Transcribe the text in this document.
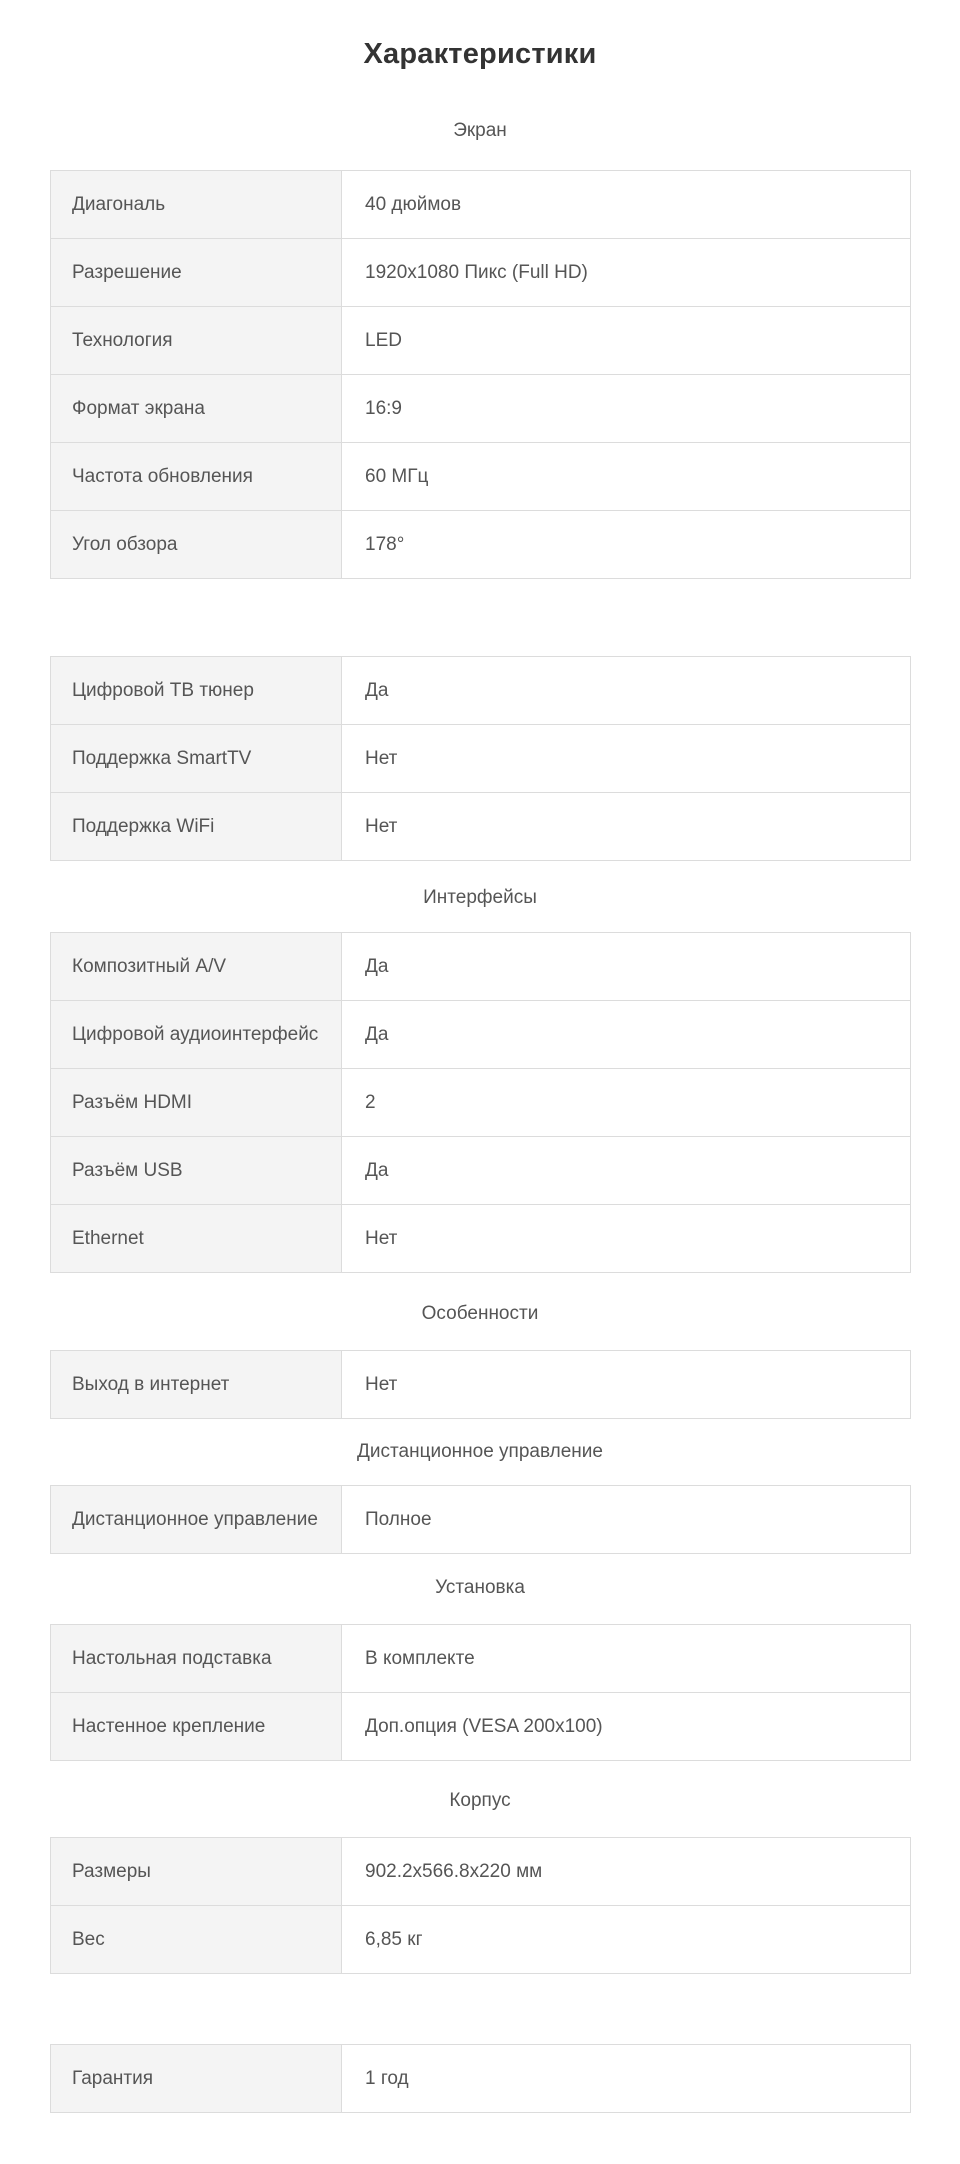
Характеристики
Экран
Диагональ	40 дюймов
Разрешение	1920x1080 Пикс (Full HD)
Технология	LED
Формат экрана	16:9
Частота обновления	60 МГц
Угол обзора	178°
Цифровой ТВ тюнер	Да
Поддержка SmartTV	Нет
Поддержка WiFi	Нет
Интерфейсы
Композитный A/V	Да
Цифровой аудиоинтерфейс	Да
Разъём HDMI	2
Разъём USB	Да
Ethernet	Нет
Особенности
Выход в интернет	Нет
Дистанционное управление
Дистанционное управление	Полное
Установка
Настольная подставка	В комплекте
Настенное крепление	Доп.опция (VESA 200x100)
Корпус
Размеры	902.2x566.8x220 мм
Вес	6,85 кг
Гарантия	1 год
